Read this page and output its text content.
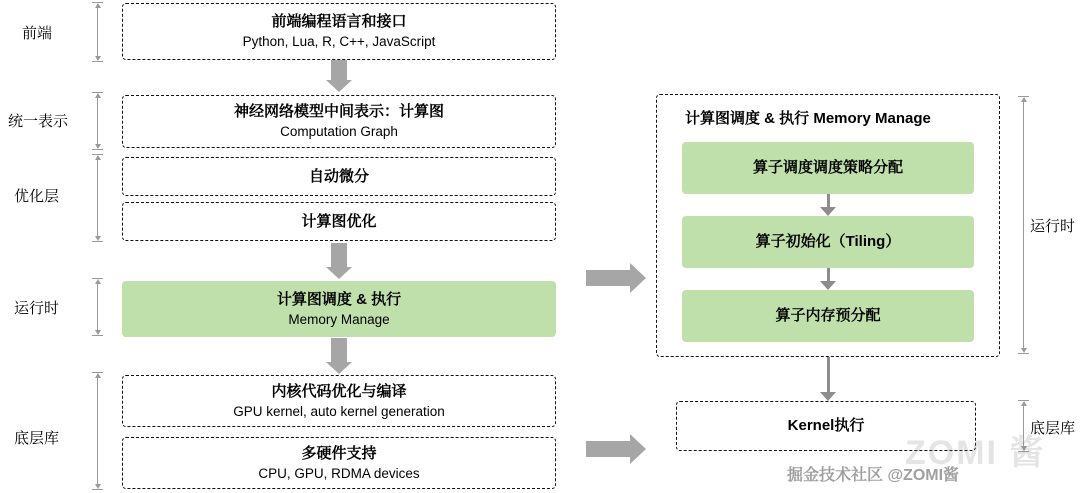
前端
统一表示
优化层
运行时
底层库
前端编程语言和接口
Python, Lua, R, C++, JavaScript
神经网络模型中间表示：计算图
Computation Graph
自动微分
计算图优化
计算图调度 & 执行
Memory Manage
内核代码优化与编译
GPU kernel, auto kernel generation
多硬件支持
CPU, GPU, RDMA devices
计算图调度 & 执行 Memory Manage
算子调度调度策略分配
算子初始化（Tiling）
算子内存预分配
Kernel执行
运行时
底层库
ZOMI 酱
掘金技术社区 @ZOMI酱
